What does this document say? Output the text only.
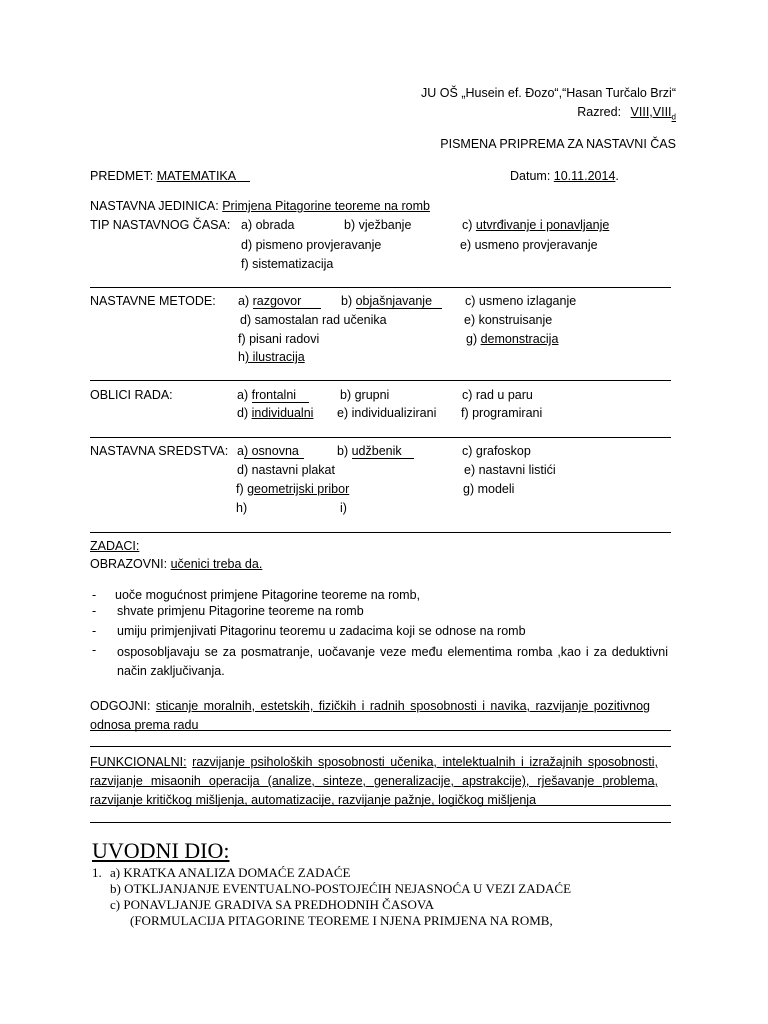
JU OŠ „Husein ef. Đozo“,“Hasan Turčalo Brzi“
Razred: $VIII,VIII_d$
PISMENA PRIPREMA ZA NASTAVNI ČAS
PREDMET: MATEMATIKA	Datum: 10.11.2014.
NASTAVNA JEDINICA: Primjena Pitagorine teoreme na romb
TIP NASTAVNOG ČASA: a) obrada	b) vježbanje	c) utvrđivanje i ponavljanje
d) pismeno provjeravanje	e) usmeno provjeravanje
f) sistematizacija
NASTAVNE METODE: a) razgovor	b) objašnjavanje	c) usmeno izlaganje
d) samostalan rad učenika	e) konstruisanje
f) pisani radovi	g) demonstracija
h) ilustracija
OBLICI RADA:	a) frontalni	b) grupni	c) rad u paru
d) individualni e) individualizirani f) programirani
NASTAVNA SREDSTVA: a) osnovna	b) udžbenik	c) grafoskop
d) nastavni plakat	e) nastavni listići
f) geometrijski pribor	g) modeli
h)	i)
ZADACI:
OBRAZOVNI: učenici treba da.
- uoče mogućnost primjene Pitagorine teoreme na romb,
- shvate primjenu Pitagorine teoreme na romb
- umiju primjenjivati Pitagorinu teoremu u zadacima koji se odnose na romb
- osposobljavaju se za posmatranje, uočavanje veze među elementima romba ,kao i za deduktivni način zaključivanja.
ODGOJNI: sticanje moralnih, estetskih, fizičkih i radnih sposobnosti i navika, razvijanje pozitivnog odnosa prema radu
FUNKCIONALNI: razvijanje psiholoških sposobnosti učenika, intelektualnih i izražajnih sposobnosti, razvijanje misaonih operacija (analize, sinteze, generalizacije, apstrakcije), rješavanje problema, razvijanje kritičkog mišljenja, automatizacije, razvijanje pažnje, logičkog mišljenja
UVODNI DIO:
1. a) KRATKA ANALIZA DOMAĆE ZADAĆE
b) OTKLJANJANJE EVENTUALNO-POSTOJEĆIH NEJASNOĆA U VEZI ZADAĆE
c) PONAVLJANJE GRADIVA SA PREDHODNIH ČASOVA
(FORMULACIJA PITAGORINE TEOREME I NJENA PRIMJENA NA ROMB,
